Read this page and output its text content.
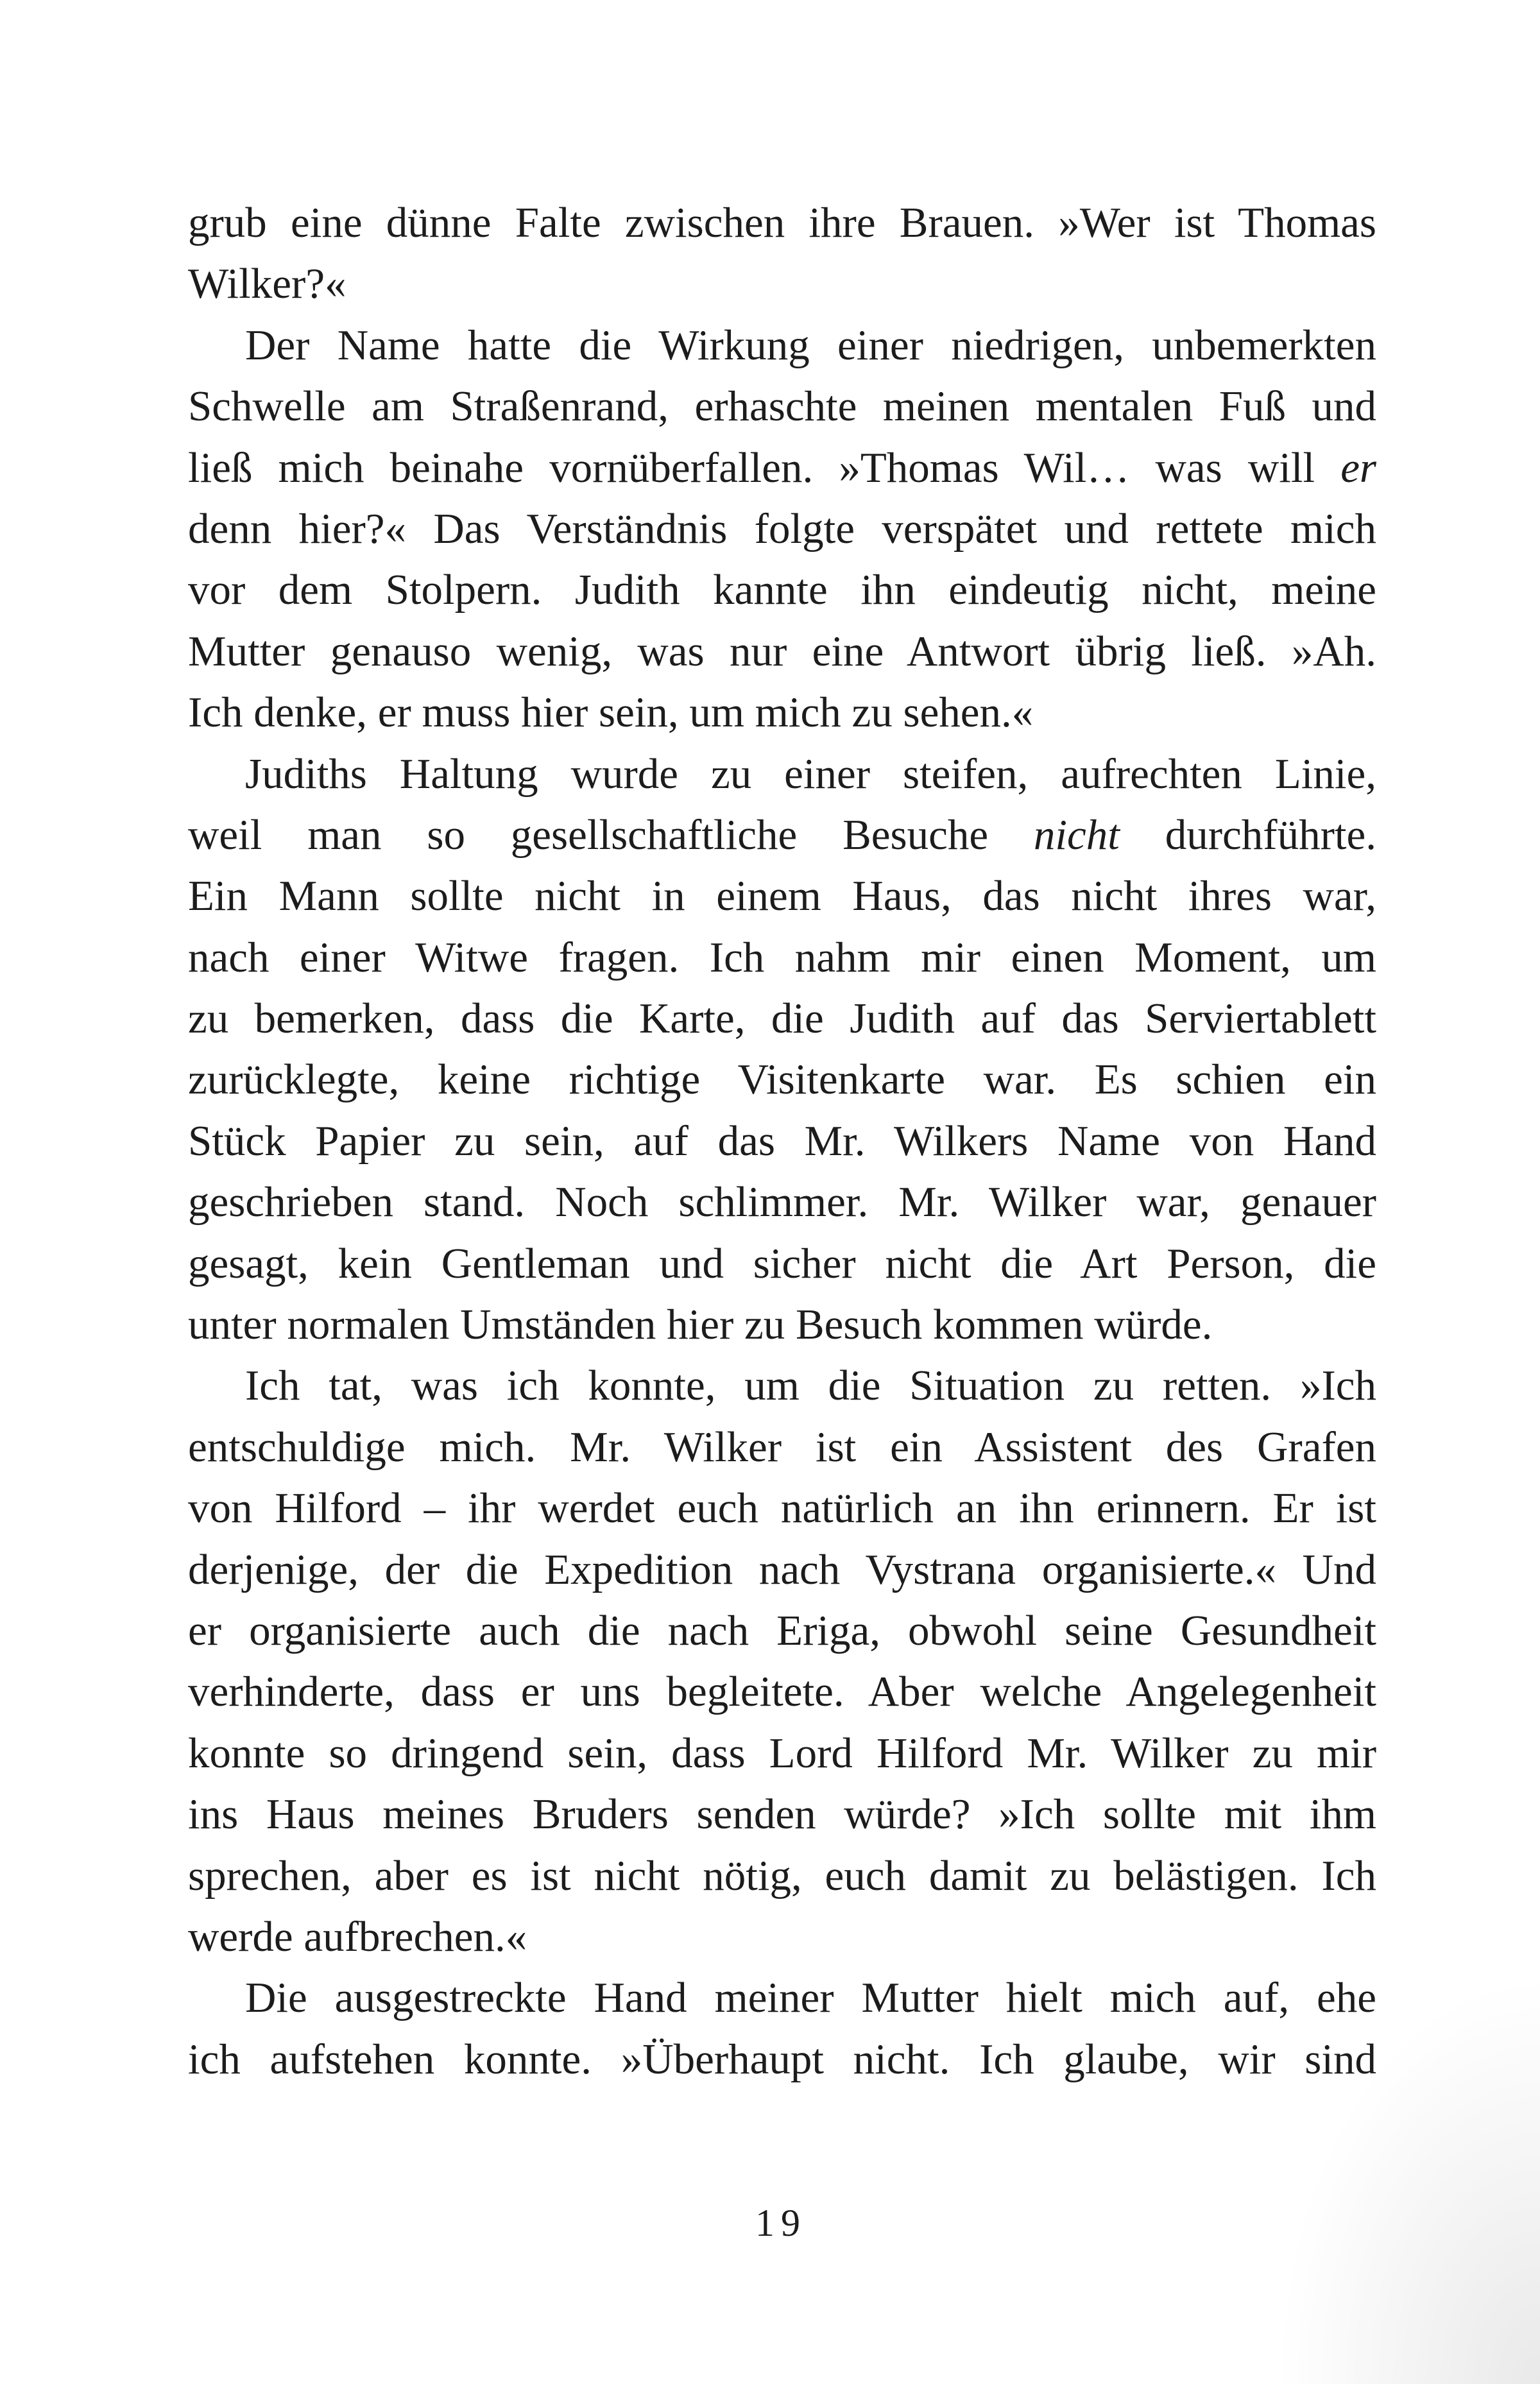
grub eine dünne Falte zwischen ihre Brauen. »Wer ist Thomas
Wilker?«
Der Name hatte die Wirkung einer niedrigen, unbemerkten
Schwelle am Straßenrand, erhaschte meinen mentalen Fuß und
ließ mich beinahe vornüberfallen. »Thomas Wil… was will er
denn hier?« Das Verständnis folgte verspätet und rettete mich
vor dem Stolpern. Judith kannte ihn eindeutig nicht, meine
Mutter genauso wenig, was nur eine Antwort übrig ließ. »Ah.
Ich denke, er muss hier sein, um mich zu sehen.«
Judiths Haltung wurde zu einer steifen, aufrechten Linie,
weil man so gesellschaftliche Besuche nicht durchführte.
Ein Mann sollte nicht in einem Haus, das nicht ihres war,
nach einer Witwe fragen. Ich nahm mir einen Moment, um
zu bemerken, dass die Karte, die Judith auf das Serviertablett
zurücklegte, keine richtige Visitenkarte war. Es schien ein
Stück Papier zu sein, auf das Mr. Wilkers Name von Hand
geschrieben stand. Noch schlimmer. Mr. Wilker war, genauer
gesagt, kein Gentleman und sicher nicht die Art Person, die
unter normalen Umständen hier zu Besuch kommen würde.
Ich tat, was ich konnte, um die Situation zu retten. »Ich
entschuldige mich. Mr. Wilker ist ein Assistent des Grafen
von Hilford – ihr werdet euch natürlich an ihn erinnern. Er ist
derjenige, der die Expedition nach Vystrana organisierte.« Und
er organisierte auch die nach Eriga, obwohl seine Gesundheit
verhinderte, dass er uns begleitete. Aber welche Angelegenheit
konnte so dringend sein, dass Lord Hilford Mr. Wilker zu mir
ins Haus meines Bruders senden würde? »Ich sollte mit ihm
sprechen, aber es ist nicht nötig, euch damit zu belästigen. Ich
werde aufbrechen.«
Die ausgestreckte Hand meiner Mutter hielt mich auf, ehe
ich aufstehen konnte. »Überhaupt nicht. Ich glaube, wir sind
19
